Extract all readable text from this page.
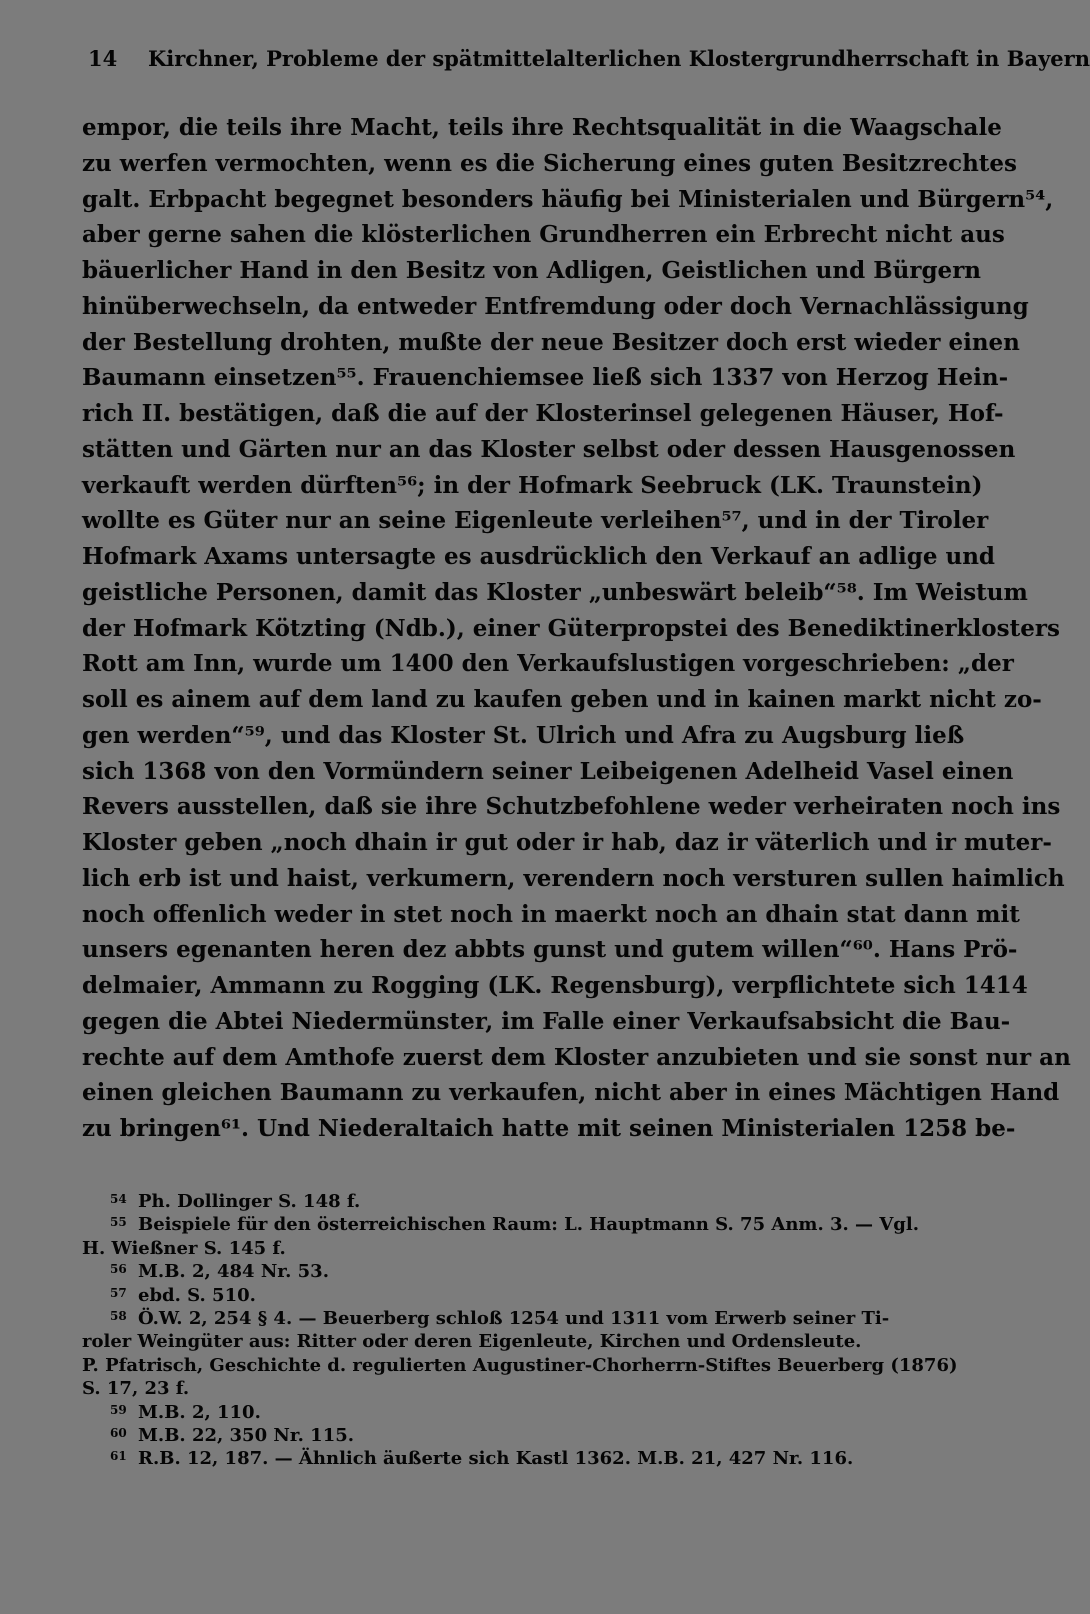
14 Kirchner, Probleme der spätmittelalterlichen Klostergrundherrschaft in Bayern
empor, die teils ihre Macht, teils ihre Rechtsqualität in die Waagschale
zu werfen vermochten, wenn es die Sicherung eines guten Besitzrechtes
galt. Erbpacht begegnet besonders häufig bei Ministerialen und Bürgern⁵⁴,
aber gerne sahen die klösterlichen Grundherren ein Erbrecht nicht aus
bäuerlicher Hand in den Besitz von Adligen, Geistlichen und Bürgern
hinüberwechseln, da entweder Entfremdung oder doch Vernachlässigung
der Bestellung drohten, mußte der neue Besitzer doch erst wieder einen
Baumann einsetzen⁵⁵. Frauenchiemsee ließ sich 1337 von Herzog Hein-
rich II. bestätigen, daß die auf der Klosterinsel gelegenen Häuser, Hof-
stätten und Gärten nur an das Kloster selbst oder dessen Hausgenossen
verkauft werden dürften⁵⁶; in der Hofmark Seebruck (LK. Traunstein)
wollte es Güter nur an seine Eigenleute verleihen⁵⁷, und in der Tiroler
Hofmark Axams untersagte es ausdrücklich den Verkauf an adlige und
geistliche Personen, damit das Kloster „unbeswärt beleib“⁵⁸. Im Weistum
der Hofmark Kötzting (Ndb.), einer Güterpropstei des Benediktinerklosters
Rott am Inn, wurde um 1400 den Verkaufslustigen vorgeschrieben: „der
soll es ainem auf dem land zu kaufen geben und in kainen markt nicht zo-
gen werden“⁵⁹, und das Kloster St. Ulrich und Afra zu Augsburg ließ
sich 1368 von den Vormündern seiner Leibeigenen Adelheid Vasel einen
Revers ausstellen, daß sie ihre Schutzbefohlene weder verheiraten noch ins
Kloster geben „noch dhain ir gut oder ir hab, daz ir väterlich und ir muter-
lich erb ist und haist, verkumern, verendern noch versturen sullen haimlich
noch offenlich weder in stet noch in maerkt noch an dhain stat dann mit
unsers egenanten heren dez abbts gunst und gutem willen“⁶⁰. Hans Prö-
delmaier, Ammann zu Rogging (LK. Regensburg), verpflichtete sich 1414
gegen die Abtei Niedermünster, im Falle einer Verkaufsabsicht die Bau-
rechte auf dem Amthofe zuerst dem Kloster anzubieten und sie sonst nur an
einen gleichen Baumann zu verkaufen, nicht aber in eines Mächtigen Hand
zu bringen⁶¹. Und Niederaltaich hatte mit seinen Ministerialen 1258 be-
54 Ph. Dollinger S. 148 f.
55 Beispiele für den österreichischen Raum: L. Hauptmann S. 75 Anm. 3. — Vgl.
H. Wießner S. 145 f.
56 M.B. 2, 484 Nr. 53.
57 ebd. S. 510.
58 Ö.W. 2, 254 § 4. — Beuerberg schloß 1254 und 1311 vom Erwerb seiner Ti-
roler Weingüter aus: Ritter oder deren Eigenleute, Kirchen und Ordensleute.
P. Pfatrisch, Geschichte d. regulierten Augustiner-Chorherrn-Stiftes Beuerberg (1876)
S. 17, 23 f.
59 M.B. 2, 110.
60 M.B. 22, 350 Nr. 115.
61 R.B. 12, 187. — Ähnlich äußerte sich Kastl 1362. M.B. 21, 427 Nr. 116.
